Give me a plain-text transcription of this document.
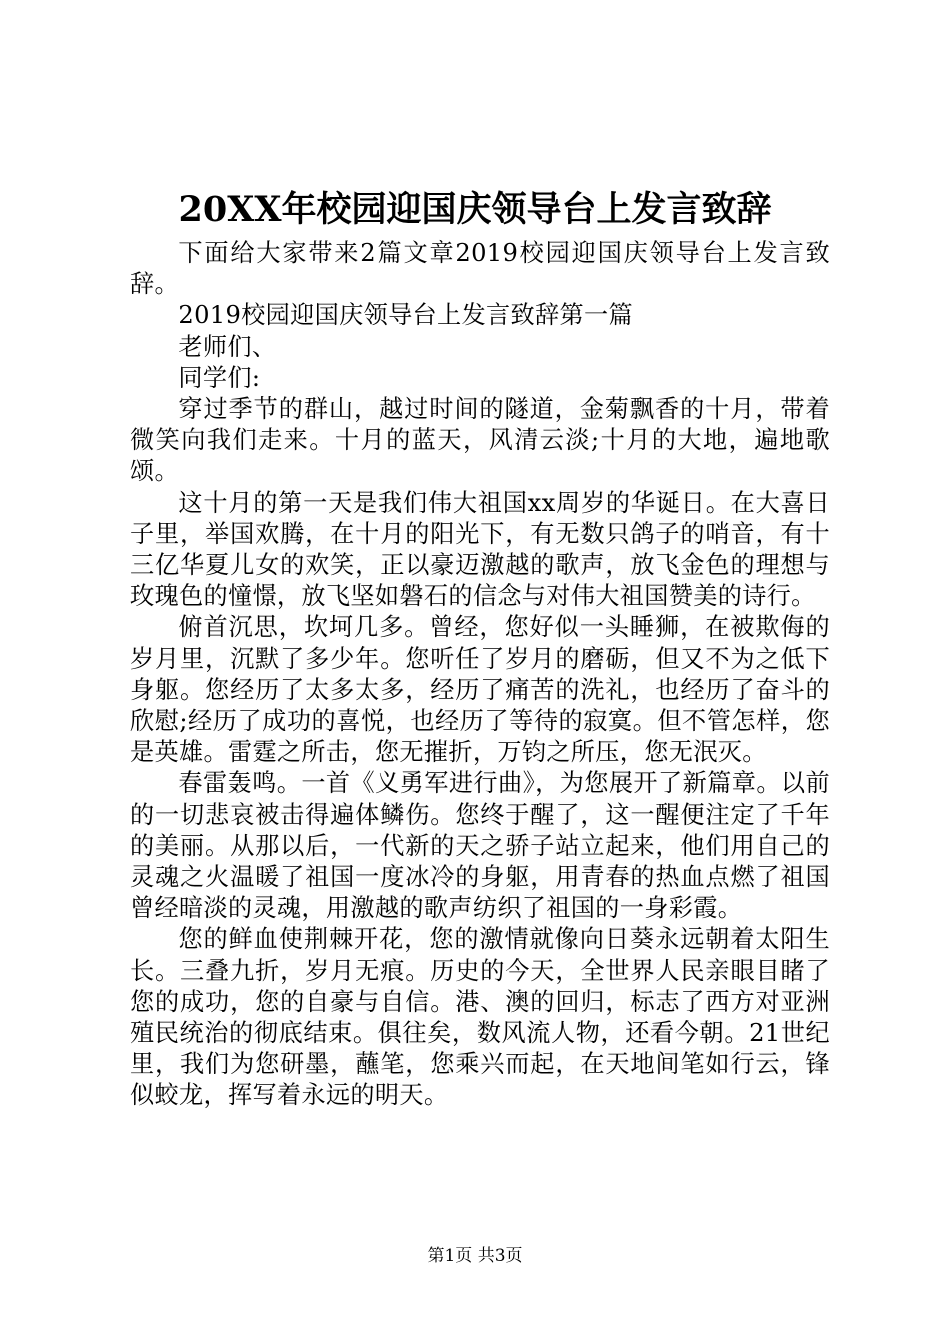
20XX年校园迎国庆领导台上发言致辞

下面给大家带来2篇文章2019校园迎国庆领导台上发言致辞。

2019校园迎国庆领导台上发言致辞第一篇

老师们、

同学们:

穿过季节的群山，越过时间的隧道，金菊飘香的十月，带着微笑向我们走来。十月的蓝天，风清云淡;十月的大地，遍地歌颂。

这十月的第一天是我们伟大祖国xx周岁的华诞日。在大喜日子里，举国欢腾，在十月的阳光下，有无数只鸽子的哨音，有十三亿华夏儿女的欢笑，正以豪迈激越的歌声，放飞金色的理想与玫瑰色的憧憬，放飞坚如磐石的信念与对伟大祖国赞美的诗行。

俯首沉思，坎坷几多。曾经，您好似一头睡狮，在被欺侮的岁月里，沉默了多少年。您听任了岁月的磨砺，但又不为之低下身躯。您经历了太多太多，经历了痛苦的洗礼，也经历了奋斗的欣慰;经历了成功的喜悦，也经历了等待的寂寞。但不管怎样，您是英雄。雷霆之所击，您无摧折，万钧之所压，您无泯灭。

春雷轰鸣。一首《义勇军进行曲》，为您展开了新篇章。以前的一切悲哀被击得遍体鳞伤。您终于醒了，这一醒便注定了千年的美丽。从那以后，一代新的天之骄子站立起来，他们用自己的灵魂之火温暖了祖国一度冰冷的身躯，用青春的热血点燃了祖国曾经暗淡的灵魂，用激越的歌声纺织了祖国的一身彩霞。

您的鲜血使荆棘开花，您的激情就像向日葵永远朝着太阳生长。三叠九折，岁月无痕。历史的今天，全世界人民亲眼目睹了您的成功，您的自豪与自信。港、澳的回归，标志了西方对亚洲殖民统治的彻底结束。俱往矣，数风流人物，还看今朝。21世纪里，我们为您研墨，蘸笔，您乘兴而起，在天地间笔如行云，锋似蛟龙，挥写着永远的明天。

第1页 共3页
